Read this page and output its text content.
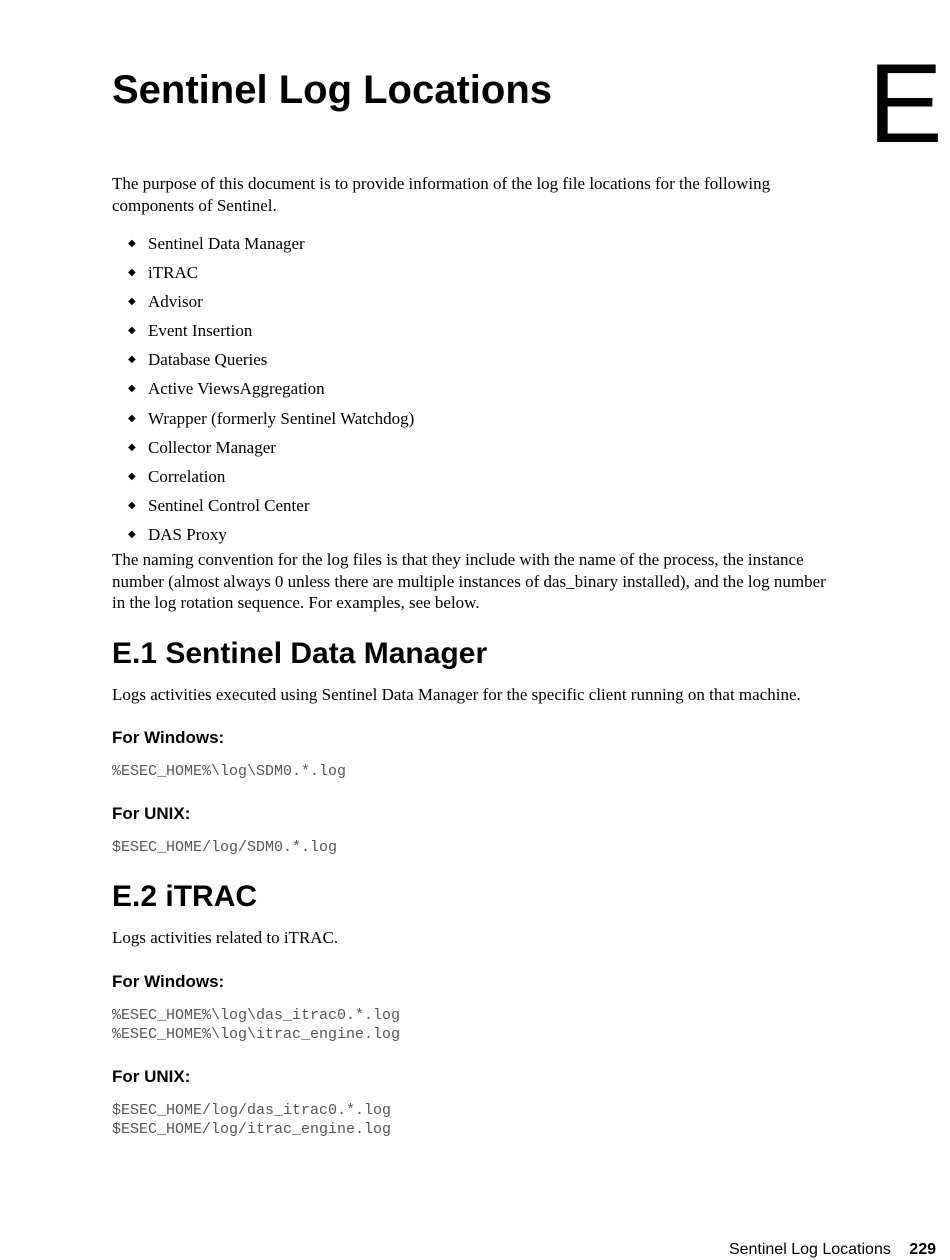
E
Sentinel Log Locations

The purpose of this document is to provide information of the log file locations for the following components of Sentinel.

◆ Sentinel Data Manager
◆ iTRAC
◆ Advisor
◆ Event Insertion
◆ Database Queries
◆ Active ViewsAggregation
◆ Wrapper (formerly Sentinel Watchdog)
◆ Collector Manager
◆ Correlation
◆ Sentinel Control Center
◆ DAS Proxy

The naming convention for the log files is that they include with the name of the process, the instance number (almost always 0 unless there are multiple instances of das_binary installed), and the log number in the log rotation sequence. For examples, see below.

E.1 Sentinel Data Manager

Logs activities executed using Sentinel Data Manager for the specific client running on that machine.

For Windows:
%ESEC_HOME%\log\SDM0.*.log
For UNIX:
$ESEC_HOME/log/SDM0.*.log
E.2 iTRAC

Logs activities related to iTRAC.

For Windows:
%ESEC_HOME%\log\das_itrac0.*.log
%ESEC_HOME%\log\itrac_engine.log
For UNIX:
$ESEC_HOME/log/das_itrac0.*.log
$ESEC_HOME/log/itrac_engine.log
Sentinel Log Locations 229
